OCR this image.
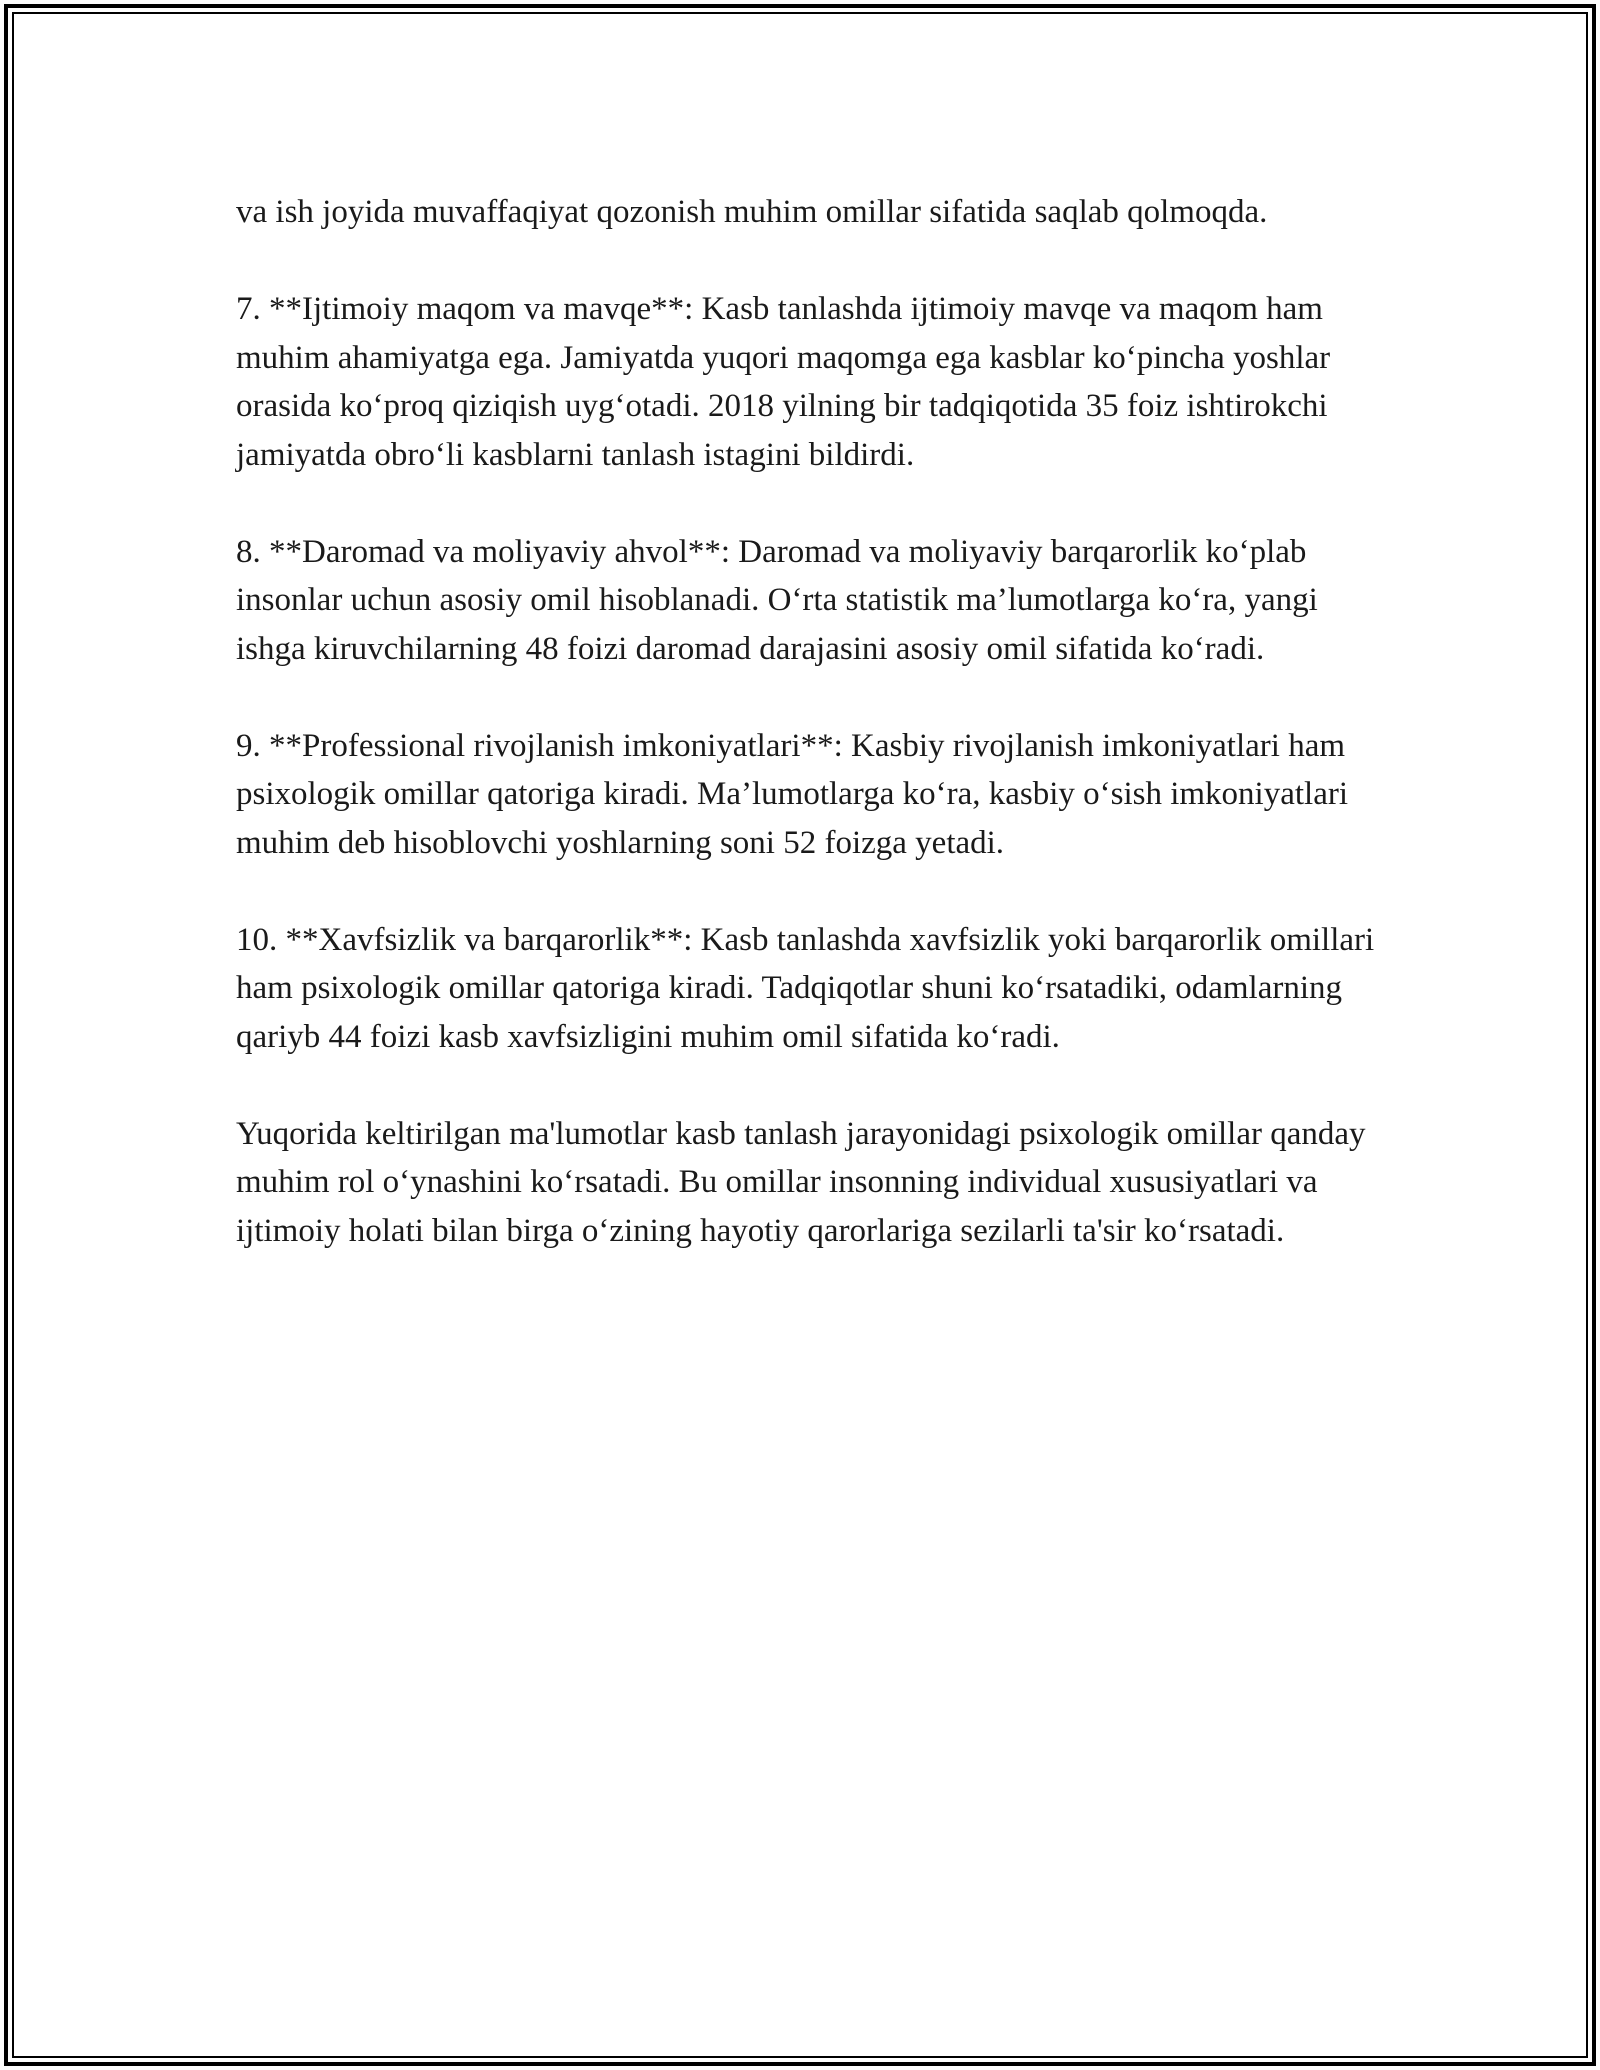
va ish joyida muvaffaqiyat qozonish muhim omillar sifatida saqlab qolmoqda.

7. **Ijtimoiy maqom va mavqe**: Kasb tanlashda ijtimoiy mavqe va maqom ham muhim ahamiyatga ega. Jamiyatda yuqori maqomga ega kasblar ko‘pincha yoshlar orasida ko‘proq qiziqish uyg‘otadi. 2018 yilning bir tadqiqotida 35 foiz ishtirokchi jamiyatda obro‘li kasblarni tanlash istagini bildirdi.

8. **Daromad va moliyaviy ahvol**: Daromad va moliyaviy barqarorlik ko‘plab insonlar uchun asosiy omil hisoblanadi. O‘rta statistik ma’lumotlarga ko‘ra, yangi ishga kiruvchilarning 48 foizi daromad darajasini asosiy omil sifatida ko‘radi.

9. **Professional rivojlanish imkoniyatlari**: Kasbiy rivojlanish imkoniyatlari ham psixologik omillar qatoriga kiradi. Ma’lumotlarga ko‘ra, kasbiy o‘sish imkoniyatlari muhim deb hisoblovchi yoshlarning soni 52 foizga yetadi.

10. **Xavfsizlik va barqarorlik**: Kasb tanlashda xavfsizlik yoki barqarorlik omillari ham psixologik omillar qatoriga kiradi. Tadqiqotlar shuni ko‘rsatadiki, odamlarning qariyb 44 foizi kasb xavfsizligini muhim omil sifatida ko‘radi.

Yuqorida keltirilgan ma'lumotlar kasb tanlash jarayonidagi psixologik omillar qanday muhim rol o‘ynashini ko‘rsatadi. Bu omillar insonning individual xususiyatlari va ijtimoiy holati bilan birga o‘zining hayotiy qarorlariga sezilarli ta'sir ko‘rsatadi.
